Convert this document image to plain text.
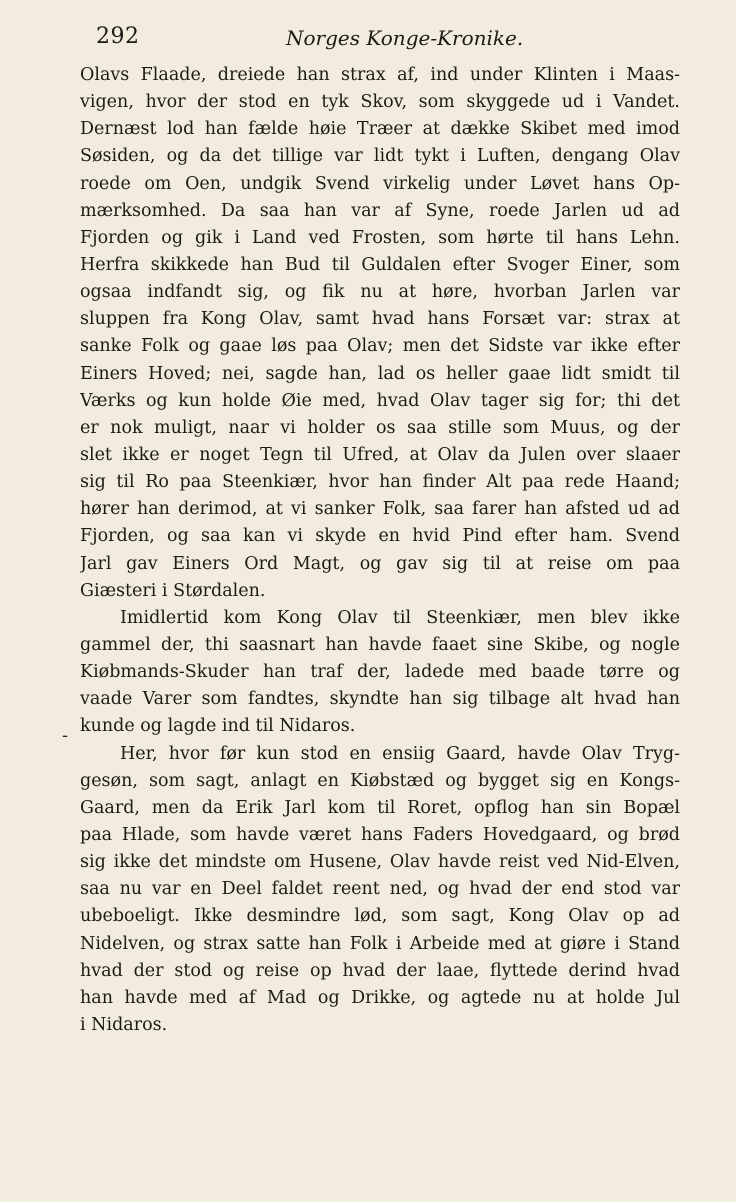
292	Norges Konge-Kronike.
-
Olavs Flaade, dreiede han strax af, ind under Klinten i Maas-
vigen, hvor der stod en tyk Skov, som skyggede ud i Vandet.
Dernæst lod han fælde høie Træer at dække Skibet med imod
Søsiden, og da det tillige var lidt tykt i Luften, dengang Olav
roede om Oen, undgik Svend virkelig under Løvet hans Op-
mærksomhed. Da saa han var af Syne, roede Jarlen ud ad
Fjorden og gik i Land ved Frosten, som hørte til hans Lehn.
Herfra skikkede han Bud til Guldalen efter Svoger Einer, som
ogsaa indfandt sig, og fik nu at høre, hvorban Jarlen var
sluppen fra Kong Olav, samt hvad hans Forsæt var: strax at
sanke Folk og gaae løs paa Olav; men det Sidste var ikke efter
Einers Hoved; nei, sagde han, lad os heller gaae lidt smidt til
Værks og kun holde Øie med, hvad Olav tager sig for; thi det
er nok muligt, naar vi holder os saa stille som Muus, og der
slet ikke er noget Tegn til Ufred, at Olav da Julen over slaaer
sig til Ro paa Steenkiær, hvor han finder Alt paa rede Haand;
hører han derimod, at vi sanker Folk, saa farer han afsted ud ad
Fjorden, og saa kan vi skyde en hvid Pind efter ham. Svend
Jarl gav Einers Ord Magt, og gav sig til at reise om paa
Giæsteri i Størdalen.
Imidlertid kom Kong Olav til Steenkiær, men blev ikke
gammel der, thi saasnart han havde faaet sine Skibe, og nogle
Kiøbmands-Skuder han traf der, ladede med baade tørre og
vaade Varer som fandtes, skyndte han sig tilbage alt hvad han
kunde og lagde ind til Nidaros.
Her, hvor før kun stod en ensiig Gaard, havde Olav Tryg-
gesøn, som sagt, anlagt en Kiøbstæd og bygget sig en Kongs-
Gaard, men da Erik Jarl kom til Roret, opflog han sin Bopæl
paa Hlade, som havde været hans Faders Hovedgaard, og brød
sig ikke det mindste om Husene, Olav havde reist ved Nid-Elven,
saa nu var en Deel faldet reent ned, og hvad der end stod var
ubeboeligt. Ikke desmindre lød, som sagt, Kong Olav op ad
Nidelven, og strax satte han Folk i Arbeide med at giøre i Stand
hvad der stod og reise op hvad der laae, flyttede derind hvad
han havde med af Mad og Drikke, og agtede nu at holde Jul
i Nidaros.
